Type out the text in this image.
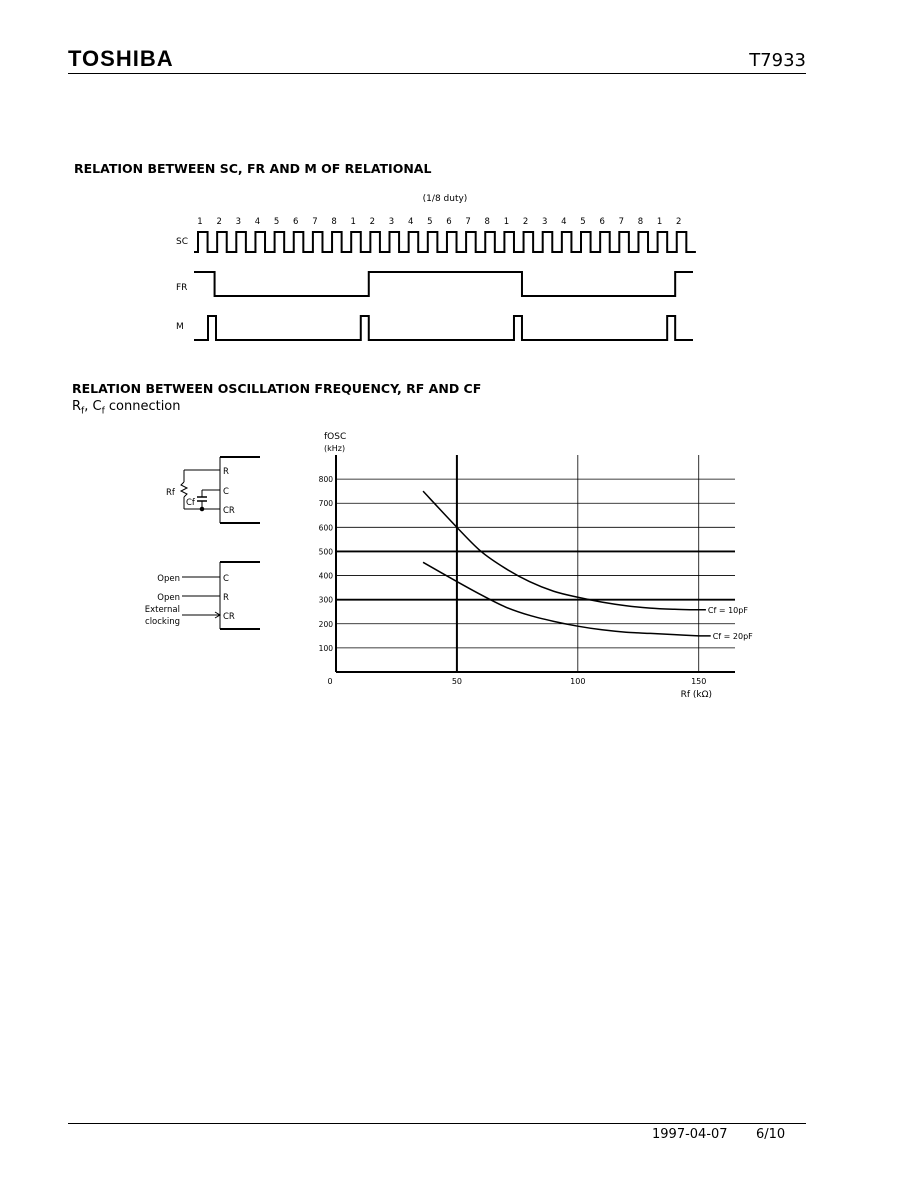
TOSHIBA	T7933
RELATION BETWEEN SC, FR AND M OF RELATIONAL
(1/8 duty)
1 2 3 4 5 6 7 8 1 2 3 4 5 6 7 8 1 2 3 4 5 6 7 8 1 2
SC
FR
M
RELATION BETWEEN OSCILLATION FREQUENCY, RF AND CF
$R_f$, $C_f$ connection
R
C
CR
Rf
Cf
C
R
CR
Open
Open
External
clocking
fOSC
(kHz)
100
200
300
400
500
600
700
800
0	50	100	150
Cf = 10pF
Cf = 20pF
Rf (kΩ)
1997-04-07 6/10
